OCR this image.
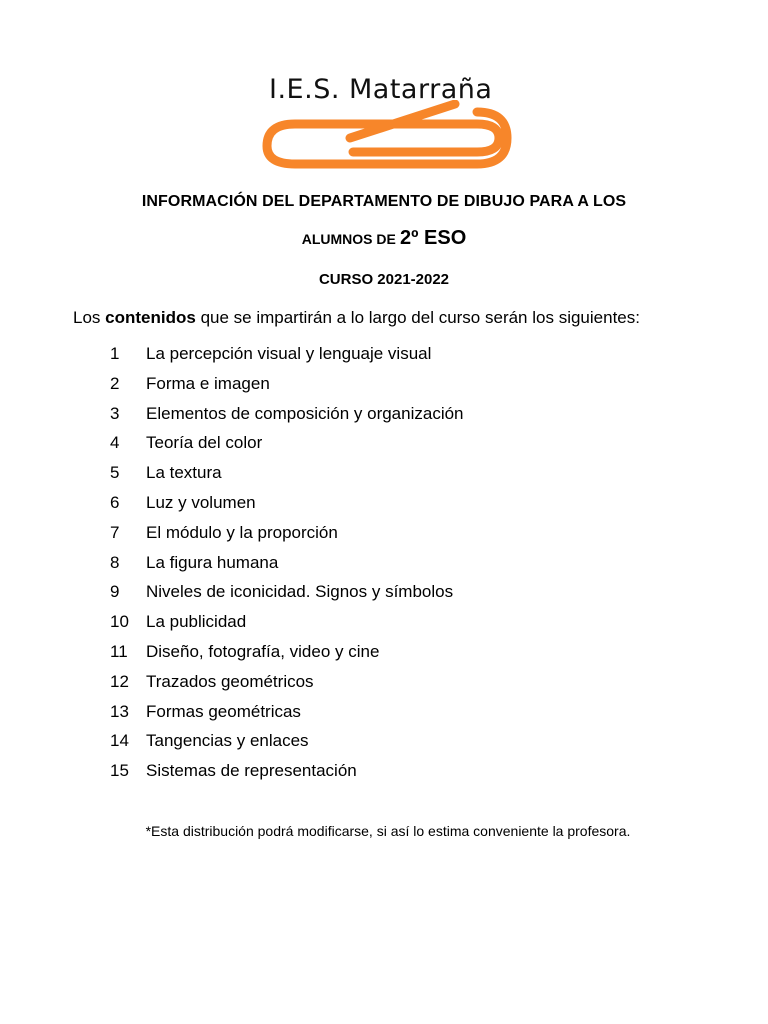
I.E.S. Matarraña
INFORMACIÓN DEL DEPARTAMENTO DE DIBUJO PARA A LOS
ALUMNOS DE 2º ESO
CURSO 2021-2022
Los contenidos que se impartirán a lo largo del curso serán los siguientes:
1	La percepción visual y lenguaje visual
2	Forma e imagen
3	Elementos de composición y organización
4	Teoría del color
5	La textura
6	Luz y volumen
7	El módulo y la proporción
8	La figura humana
9	Niveles de iconicidad. Signos y símbolos
10	La publicidad
11	Diseño, fotografía, video y cine
12	Trazados geométricos
13	Formas geométricas
14	Tangencias y enlaces
15	Sistemas de representación
*Esta distribución podrá modificarse, si así lo estima conveniente la profesora.
